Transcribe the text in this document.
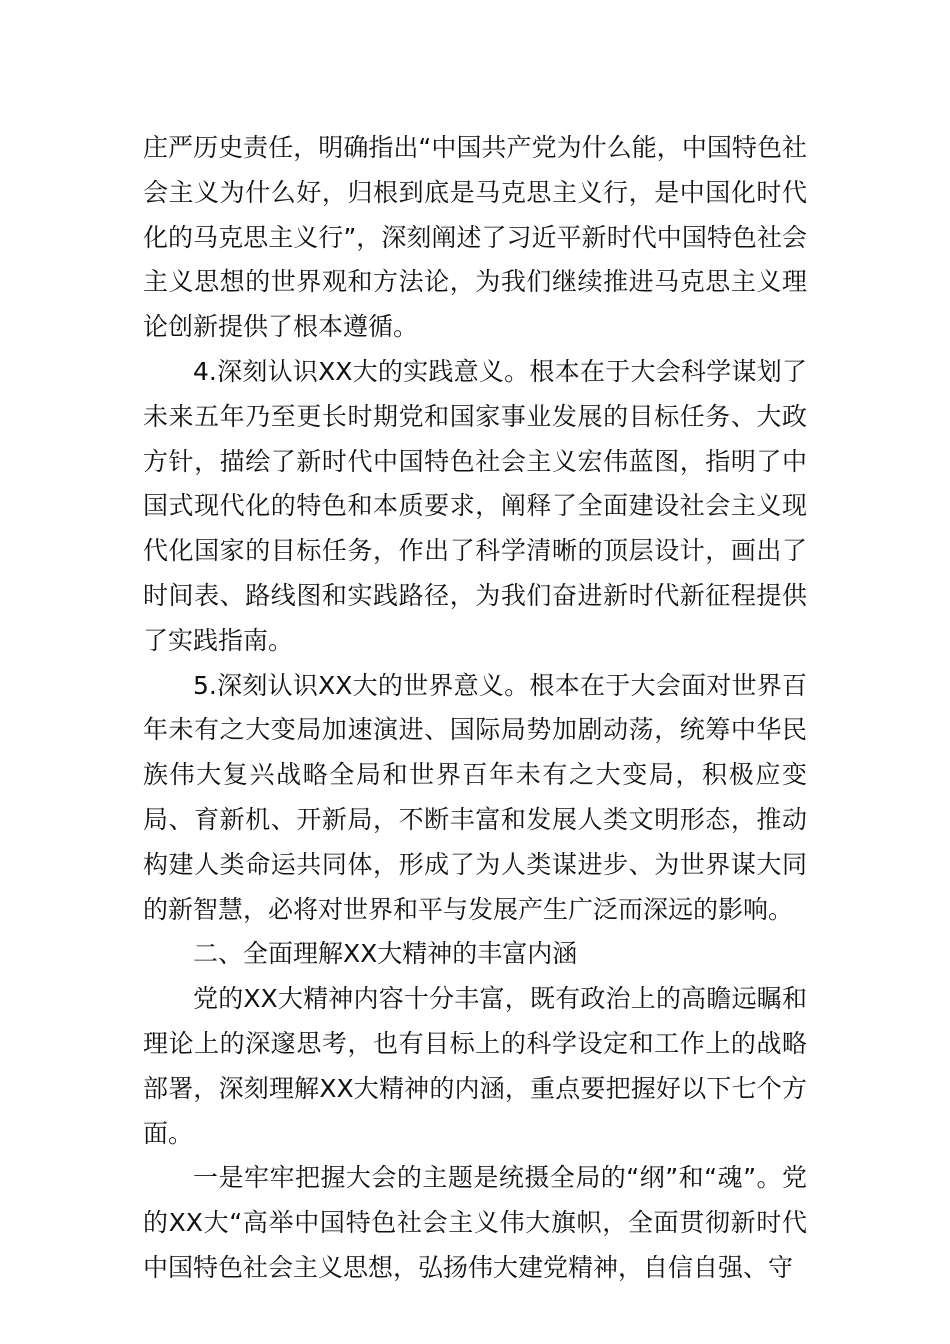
庄严历史责任，明确指出“中国共产党为什么能，中国特色社会主义为什么好，归根到底是马克思主义行，是中国化时代化的马克思主义行”，深刻阐述了习近平新时代中国特色社会主义思想的世界观和方法论，为我们继续推进马克思主义理论创新提供了根本遵循。

4.深刻认识XX大的实践意义。根本在于大会科学谋划了未来五年乃至更长时期党和国家事业发展的目标任务、大政方针，描绘了新时代中国特色社会主义宏伟蓝图，指明了中国式现代化的特色和本质要求，阐释了全面建设社会主义现代化国家的目标任务，作出了科学清晰的顶层设计，画出了时间表、路线图和实践路径，为我们奋进新时代新征程提供了实践指南。

5.深刻认识XX大的世界意义。根本在于大会面对世界百年未有之大变局加速演进、国际局势加剧动荡，统筹中华民族伟大复兴战略全局和世界百年未有之大变局，积极应变局、育新机、开新局，不断丰富和发展人类文明形态，推动构建人类命运共同体，形成了为人类谋进步、为世界谋大同的新智慧，必将对世界和平与发展产生广泛而深远的影响。

二、全面理解XX大精神的丰富内涵

党的XX大精神内容十分丰富，既有政治上的高瞻远瞩和理论上的深邃思考，也有目标上的科学设定和工作上的战略部署，深刻理解XX大精神的内涵，重点要把握好以下七个方面。

一是牢牢把握大会的主题是统摄全局的“纲”和“魂”。党的XX大“高举中国特色社会主义伟大旗帜，全面贯彻新时代中国特色社会主义思想，弘扬伟大建党精神，自信自强、守
